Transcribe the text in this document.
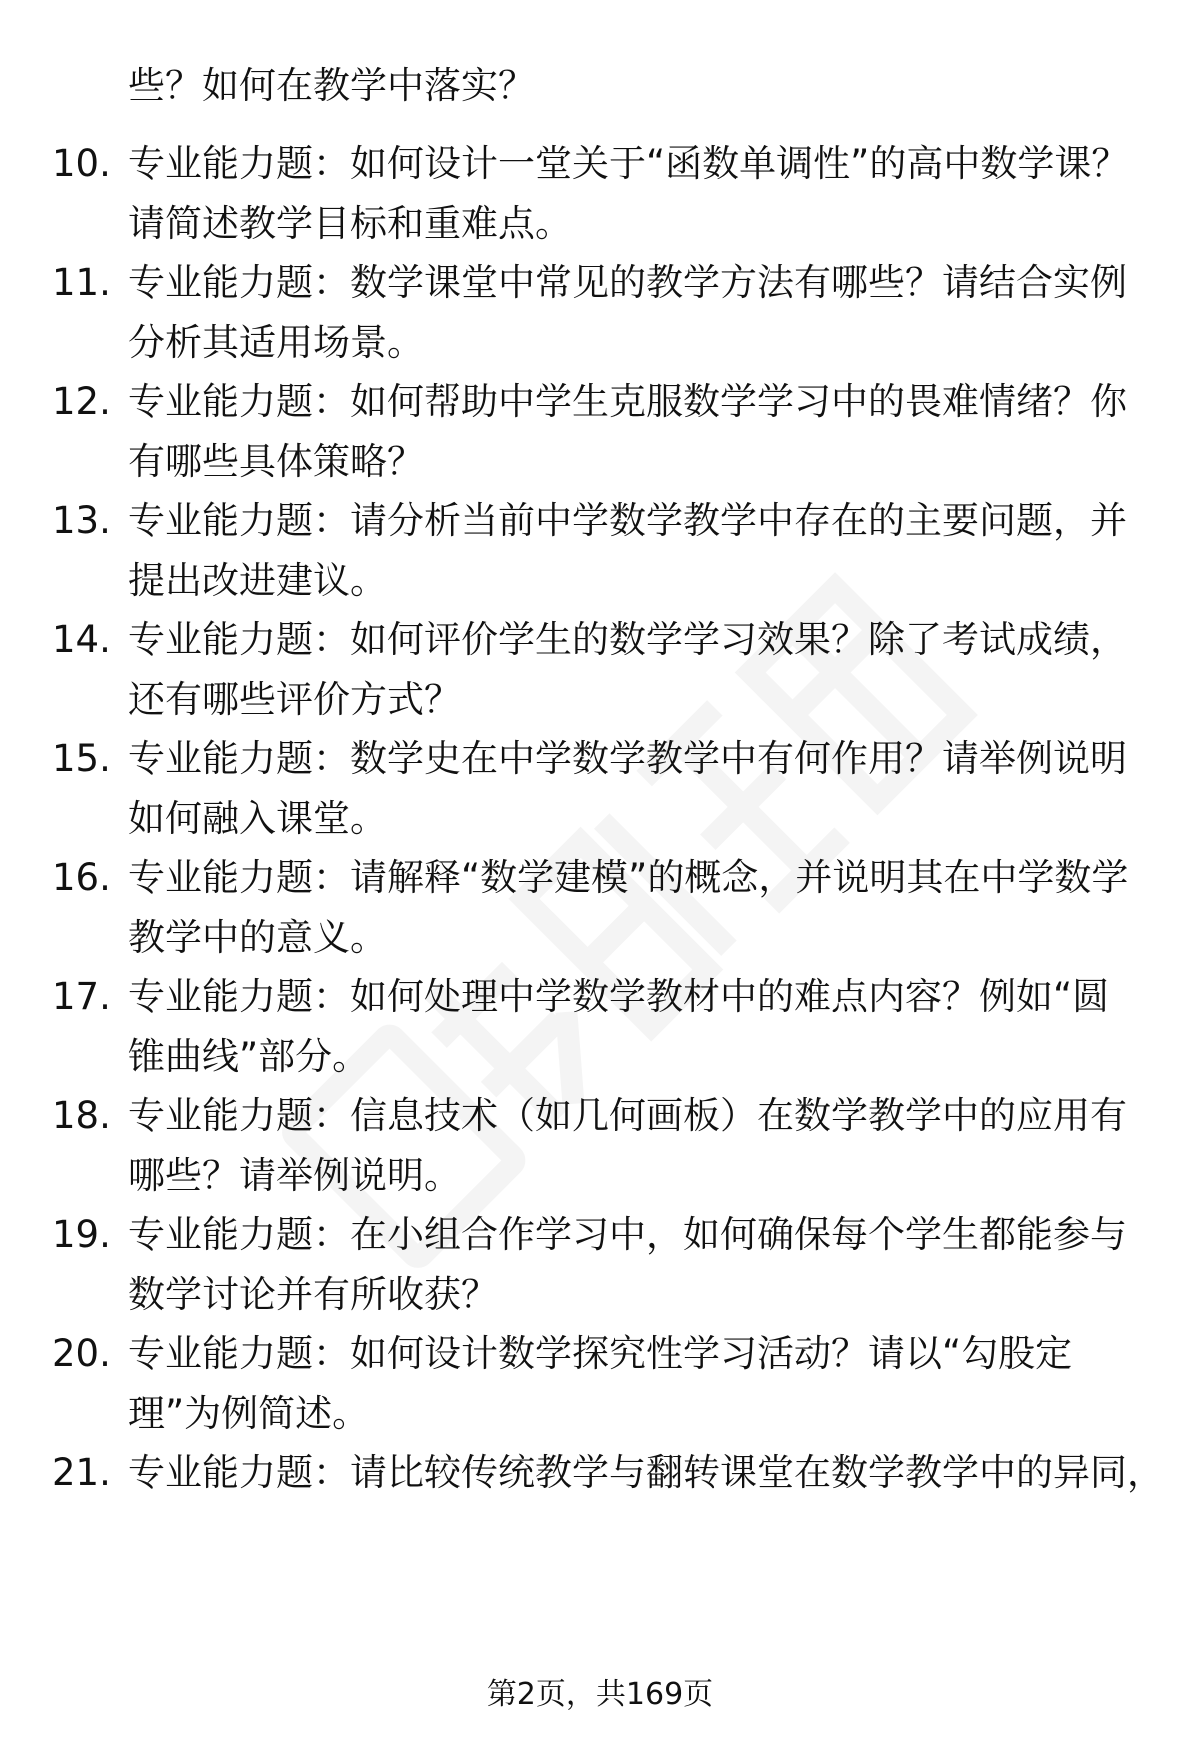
些？如何在教学中落实？
10. 专业能力题：如何设计一堂关于“函数单调性”的高中数学课？请简述教学目标和重难点。
11. 专业能力题：数学课堂中常见的教学方法有哪些？请结合实例分析其适用场景。
12. 专业能力题：如何帮助中学生克服数学学习中的畏难情绪？你有哪些具体策略？
13. 专业能力题：请分析当前中学数学教学中存在的主要问题，并提出改进建议。
14. 专业能力题：如何评价学生的数学学习效果？除了考试成绩，还有哪些评价方式？
15. 专业能力题：数学史在中学数学教学中有何作用？请举例说明如何融入课堂。
16. 专业能力题：请解释“数学建模”的概念，并说明其在中学数学教学中的意义。
17. 专业能力题：如何处理中学数学教材中的难点内容？例如“圆锥曲线”部分。
18. 专业能力题：信息技术（如几何画板）在数学教学中的应用有哪些？请举例说明。
19. 专业能力题：在小组合作学习中，如何确保每个学生都能参与数学讨论并有所收获？
20. 专业能力题：如何设计数学探究性学习活动？请以“勾股定理”为例简述。
21. 专业能力题：请比较传统教学与翻转课堂在数学教学中的异同，
第2页，共169页
